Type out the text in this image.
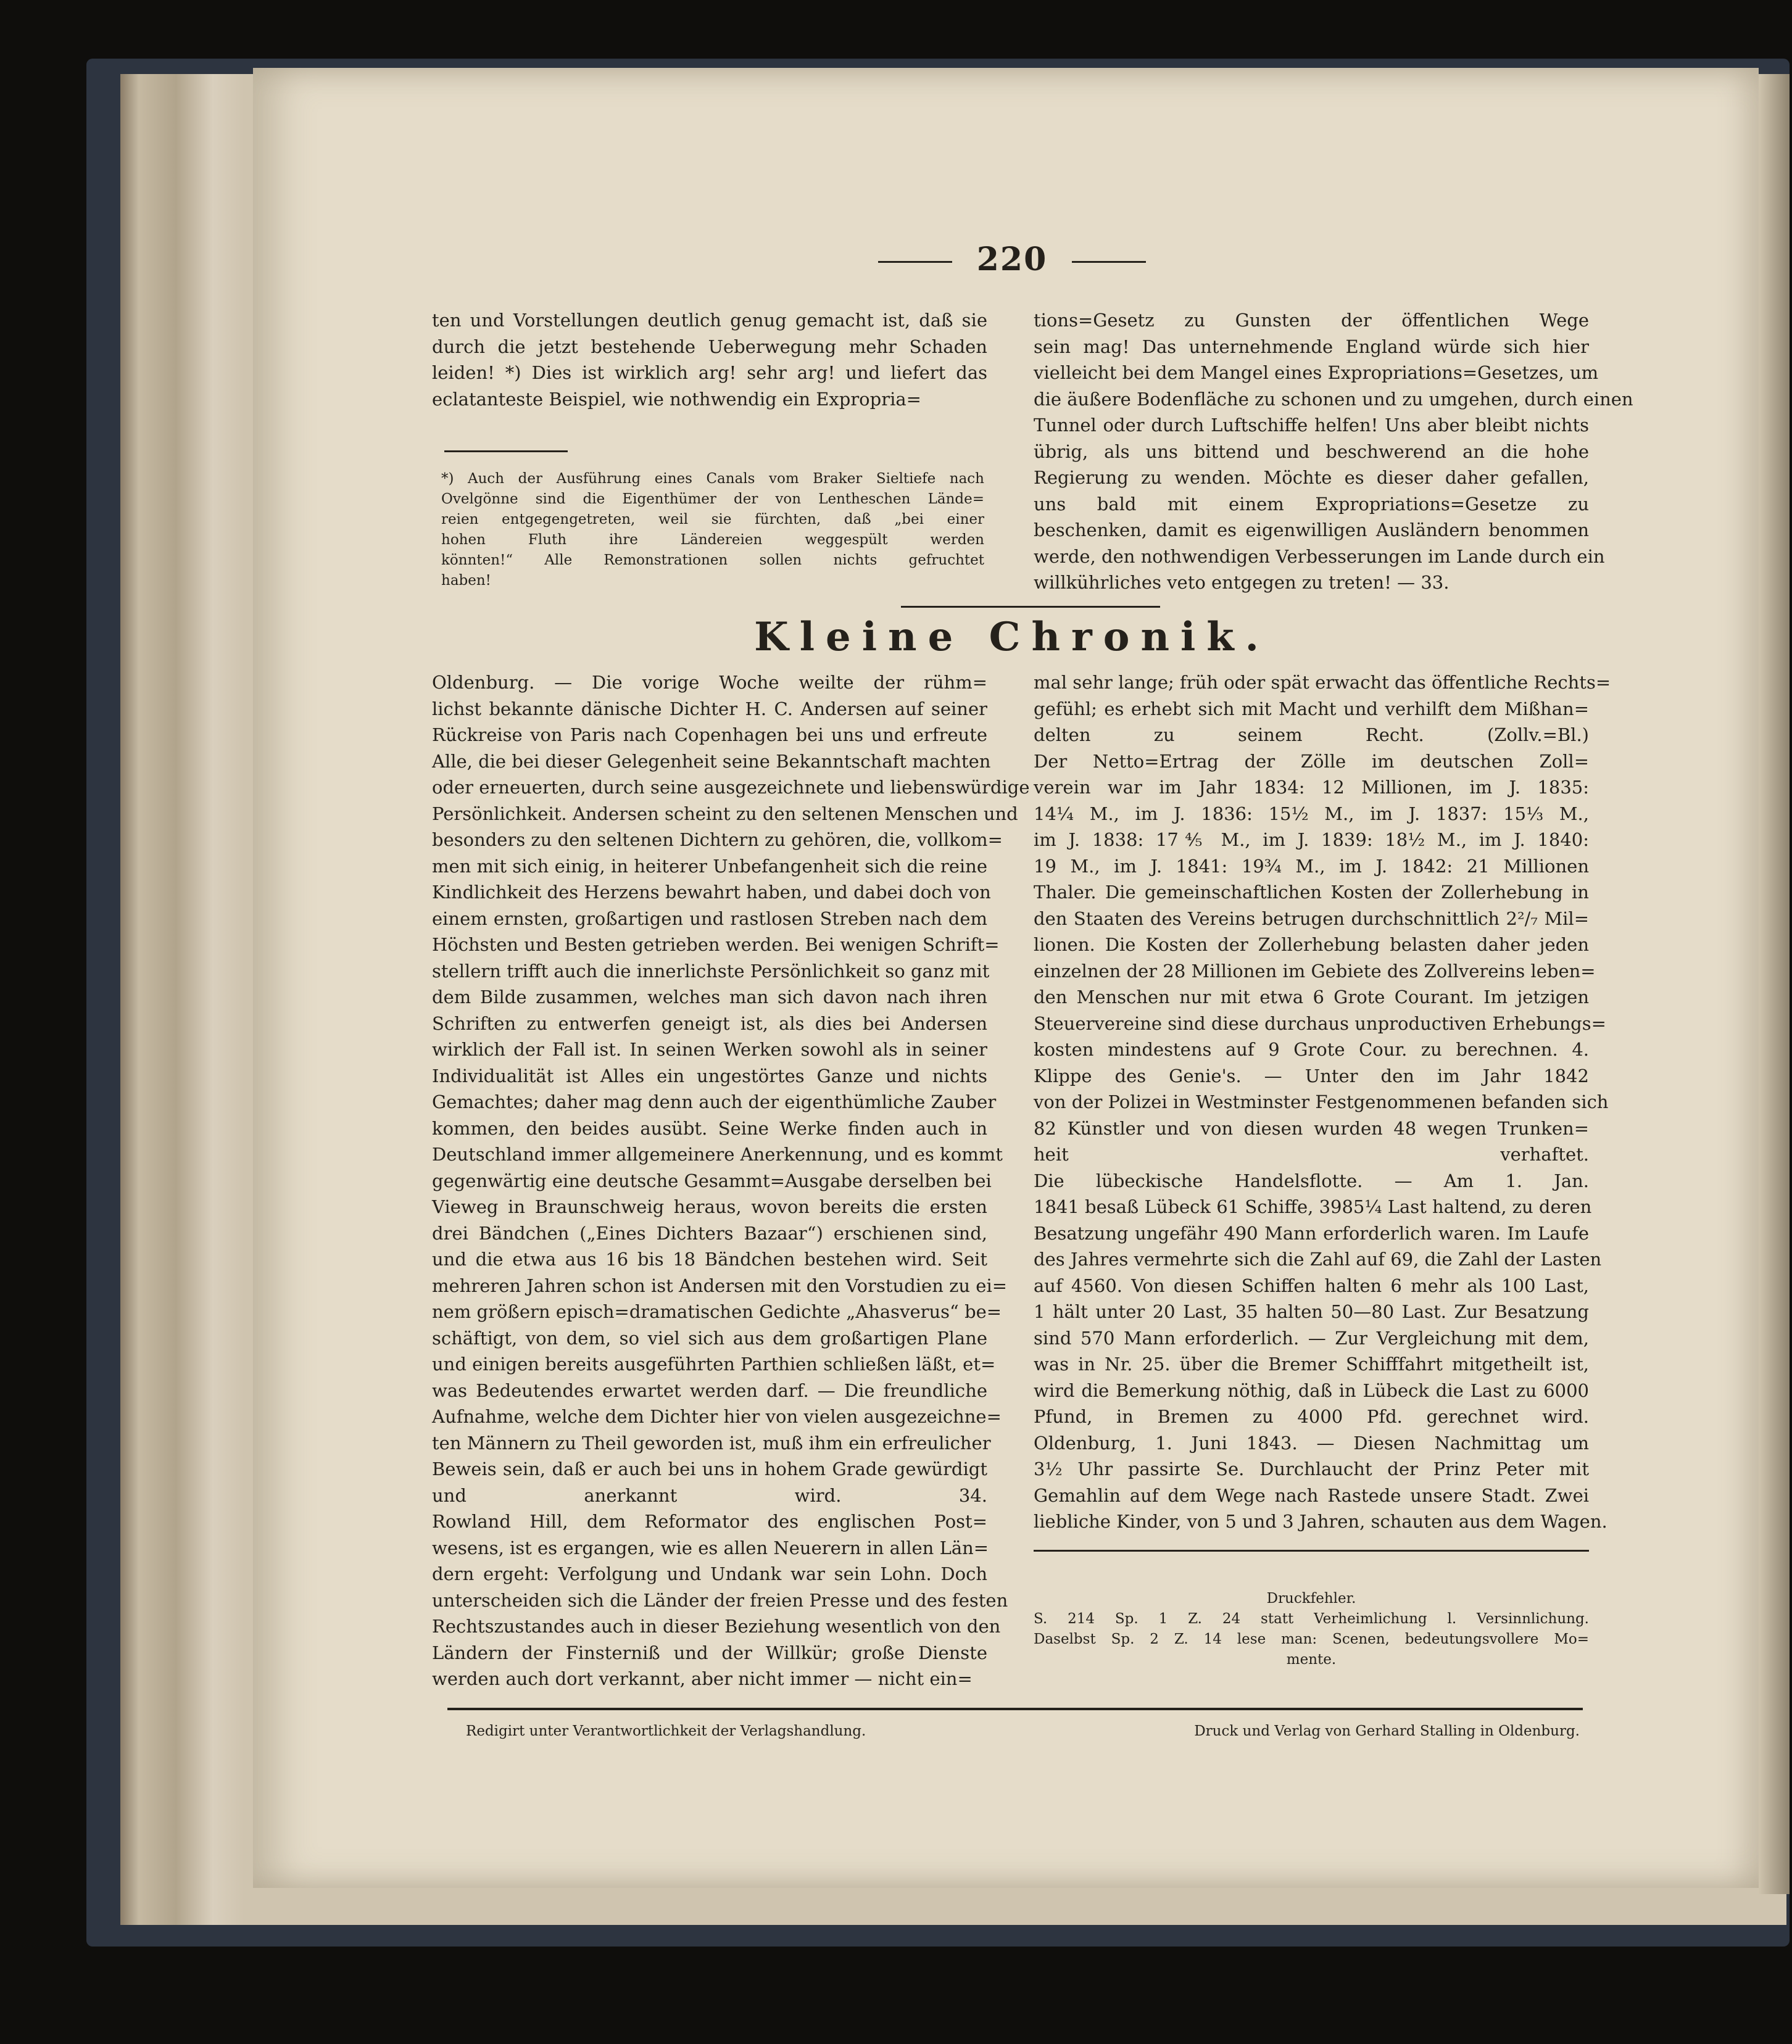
220
ten und Vorstellungen deutlich genug gemacht ist, daß sie
durch die jetzt bestehende Ueberwegung mehr Schaden
leiden! *) Dies ist wirklich arg! sehr arg! und liefert das
eclatanteste Beispiel, wie nothwendig ein Expropria=
*) Auch der Ausführung eines Canals vom Braker Sieltiefe nach
Ovelgönne sind die Eigenthümer der von Lentheschen Lände=
reien entgegengetreten, weil sie fürchten, daß „bei einer
hohen Fluth ihre Ländereien weggespült werden
könnten!“ Alle Remonstrationen sollen nichts gefruchtet
haben!
tions=Gesetz zu Gunsten der öffentlichen Wege
sein mag! Das unternehmende England würde sich hier
vielleicht bei dem Mangel eines Expropriations=Gesetzes, um
die äußere Bodenfläche zu schonen und zu umgehen, durch einen
Tunnel oder durch Luftschiffe helfen! Uns aber bleibt nichts
übrig, als uns bittend und beschwerend an die hohe
Regierung zu wenden. Möchte es dieser daher gefallen,
uns bald mit einem Expropriations=Gesetze zu
beschenken, damit es eigenwilligen Ausländern benommen
werde, den nothwendigen Verbesserungen im Lande durch ein
willkührliches veto entgegen zu treten! — 33.
Kleine Chronik.
Oldenburg. — Die vorige Woche weilte der rühm=
lichst bekannte dänische Dichter H. C. Andersen auf seiner
Rückreise von Paris nach Copenhagen bei uns und erfreute
Alle, die bei dieser Gelegenheit seine Bekanntschaft machten
oder erneuerten, durch seine ausgezeichnete und liebenswürdige
Persönlichkeit. Andersen scheint zu den seltenen Menschen und
besonders zu den seltenen Dichtern zu gehören, die, vollkom=
men mit sich einig, in heiterer Unbefangenheit sich die reine
Kindlichkeit des Herzens bewahrt haben, und dabei doch von
einem ernsten, großartigen und rastlosen Streben nach dem
Höchsten und Besten getrieben werden. Bei wenigen Schrift=
stellern trifft auch die innerlichste Persönlichkeit so ganz mit
dem Bilde zusammen, welches man sich davon nach ihren
Schriften zu entwerfen geneigt ist, als dies bei Andersen
wirklich der Fall ist. In seinen Werken sowohl als in seiner
Individualität ist Alles ein ungestörtes Ganze und nichts
Gemachtes; daher mag denn auch der eigenthümliche Zauber
kommen, den beides ausübt. Seine Werke finden auch in
Deutschland immer allgemeinere Anerkennung, und es kommt
gegenwärtig eine deutsche Gesammt=Ausgabe derselben bei
Vieweg in Braunschweig heraus, wovon bereits die ersten
drei Bändchen („Eines Dichters Bazaar“) erschienen sind,
und die etwa aus 16 bis 18 Bändchen bestehen wird. Seit
mehreren Jahren schon ist Andersen mit den Vorstudien zu ei=
nem größern episch=dramatischen Gedichte „Ahasverus“ be=
schäftigt, von dem, so viel sich aus dem großartigen Plane
und einigen bereits ausgeführten Parthien schließen läßt, et=
was Bedeutendes erwartet werden darf. — Die freundliche
Aufnahme, welche dem Dichter hier von vielen ausgezeichne=
ten Männern zu Theil geworden ist, muß ihm ein erfreulicher
Beweis sein, daß er auch bei uns in hohem Grade gewürdigt
und anerkannt wird. 34.
Rowland Hill, dem Reformator des englischen Post=
wesens, ist es ergangen, wie es allen Neuerern in allen Län=
dern ergeht: Verfolgung und Undank war sein Lohn. Doch
unterscheiden sich die Länder der freien Presse und des festen
Rechtszustandes auch in dieser Beziehung wesentlich von den
Ländern der Finsterniß und der Willkür; große Dienste
werden auch dort verkannt, aber nicht immer — nicht ein=
mal sehr lange; früh oder spät erwacht das öffentliche Rechts=
gefühl; es erhebt sich mit Macht und verhilft dem Mißhan=
delten zu seinem Recht. (Zollv.=Bl.)
Der Netto=Ertrag der Zölle im deutschen Zoll=
verein war im Jahr 1834: 12 Millionen, im J. 1835:
14¼ M., im J. 1836: 15½ M., im J. 1837: 15⅓ M.,
im J. 1838: 17⅘ M., im J. 1839: 18½ M., im J. 1840:
19 M., im J. 1841: 19¾ M., im J. 1842: 21 Millionen
Thaler. Die gemeinschaftlichen Kosten der Zollerhebung in
den Staaten des Vereins betrugen durchschnittlich 2²/₇ Mil=
lionen. Die Kosten der Zollerhebung belasten daher jeden
einzelnen der 28 Millionen im Gebiete des Zollvereins leben=
den Menschen nur mit etwa 6 Grote Courant. Im jetzigen
Steuervereine sind diese durchaus unproductiven Erhebungs=
kosten mindestens auf 9 Grote Cour. zu berechnen. 4.
Klippe des Genie's. — Unter den im Jahr 1842
von der Polizei in Westminster Festgenommenen befanden sich
82 Künstler und von diesen wurden 48 wegen Trunken=
heit verhaftet.
Die lübeckische Handelsflotte. — Am 1. Jan.
1841 besaß Lübeck 61 Schiffe, 3985¼ Last haltend, zu deren
Besatzung ungefähr 490 Mann erforderlich waren. Im Laufe
des Jahres vermehrte sich die Zahl auf 69, die Zahl der Lasten
auf 4560. Von diesen Schiffen halten 6 mehr als 100 Last,
1 hält unter 20 Last, 35 halten 50—80 Last. Zur Besatzung
sind 570 Mann erforderlich. — Zur Vergleichung mit dem,
was in Nr. 25. über die Bremer Schifffahrt mitgetheilt ist,
wird die Bemerkung nöthig, daß in Lübeck die Last zu 6000
Pfund, in Bremen zu 4000 Pfd. gerechnet wird.
Oldenburg, 1. Juni 1843. — Diesen Nachmittag um
3½ Uhr passirte Se. Durchlaucht der Prinz Peter mit
Gemahlin auf dem Wege nach Rastede unsere Stadt. Zwei
liebliche Kinder, von 5 und 3 Jahren, schauten aus dem Wagen.
Druckfehler.
S. 214 Sp. 1 Z. 24 statt Verheimlichung l. Versinnlichung.
Daselbst Sp. 2 Z. 14 lese man: Scenen, bedeutungsvollere Mo=
mente.
Redigirt unter Verantwortlichkeit der Verlagshandlung.	Druck und Verlag von Gerhard Stalling in Oldenburg.
